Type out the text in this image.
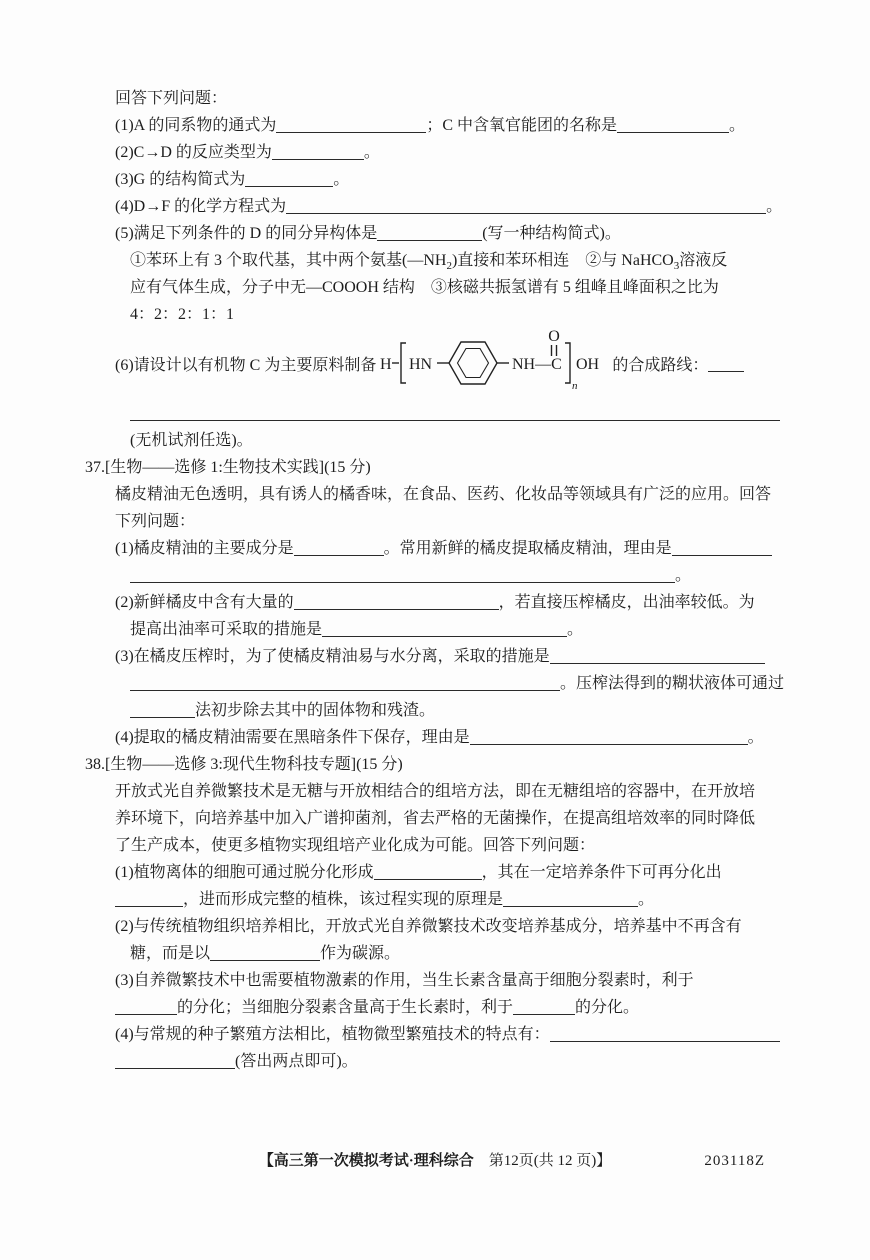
回答下列问题：
(1)A 的同系物的通式为	；C 中含氧官能团的名称是	。
(2)C→D 的反应类型为	。
(3)G 的结构简式为	。
(4)D→F 的化学方程式为	。
(5)满足下列条件的 D 的同分异构体是	(写一种结构简式)。
①苯环上有 3 个取代基，其中两个氨基$(—NH_2)$直接和苯环相连　②与 NaHCO$_3$溶液反
应有气体生成，分子中无—COOOH 结构　③核磁共振氢谱有 5 组峰且峰面积之比为
4：2：2：1：1
(6)请设计以有机物 C 为主要原料制备 H HN	NH—C
O
n
OH 的合成路线：
(无机试剂任选)。
37.[生物——选修 1:生物技术实践](15 分)
橘皮精油无色透明，具有诱人的橘香味，在食品、医药、化妆品等领域具有广泛的应用。回答
下列问题：
(1)橘皮精油的主要成分是	。常用新鲜的橘皮提取橘皮精油，理由是
。
(2)新鲜橘皮中含有大量的	，若直接压榨橘皮，出油率较低。为
提高出油率可采取的措施是	。
(3)在橘皮压榨时，为了使橘皮精油易与水分离，采取的措施是
。压榨法得到的糊状液体可通过
法初步除去其中的固体物和残渣。
(4)提取的橘皮精油需要在黑暗条件下保存，理由是	。
38.[生物——选修 3:现代生物科技专题](15 分)
开放式光自养微繁技术是无糖与开放相结合的组培方法，即在无糖组培的容器中，在开放培
养环境下，向培养基中加入广谱抑菌剂，省去严格的无菌操作，在提高组培效率的同时降低
了生产成本，使更多植物实现组培产业化成为可能。回答下列问题：
(1)植物离体的细胞可通过脱分化形成	，其在一定培养条件下可再分化出
，进而形成完整的植株，该过程实现的原理是	。
(2)与传统植物组织培养相比，开放式光自养微繁技术改变培养基成分，培养基中不再含有
糖，而是以	作为碳源。
(3)自养微繁技术中也需要植物激素的作用，当生长素含量高于细胞分裂素时，利于
的分化；当细胞分裂素含量高于生长素时，利于	的分化。
(4)与常规的种子繁殖方法相比，植物微型繁殖技术的特点有：
(答出两点即可)。
【高三第一次模拟考试·理科综合　第12页(共 12 页)】	203118Z
